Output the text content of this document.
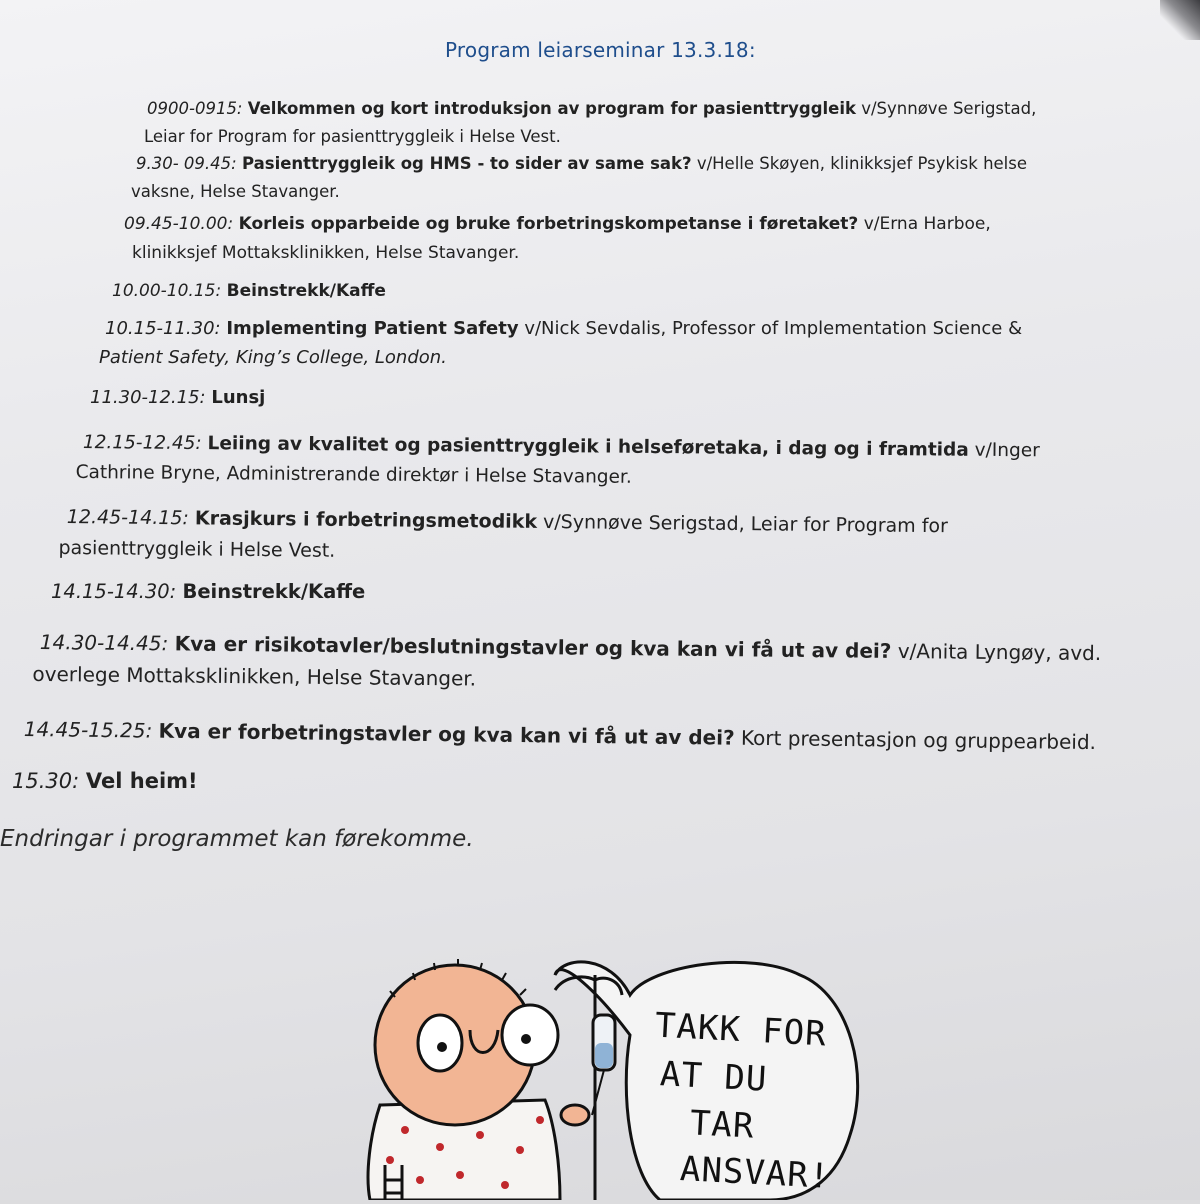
Program leiarseminar 13.3.18:
0900-0915: Velkommen og kort introduksjon av program for pasienttryggleik v/Synnøve Serigstad,
Leiar for Program for pasienttryggleik i Helse Vest.
9.30- 09.45: Pasienttryggleik og HMS - to sider av same sak? v/Helle Skøyen, klinikksjef Psykisk helse
vaksne, Helse Stavanger.
09.45-10.00: Korleis opparbeide og bruke forbetringskompetanse i føretaket? v/Erna Harboe,
klinikksjef Mottaksklinikken, Helse Stavanger.
10.00-10.15: Beinstrekk/Kaffe
10.15-11.30: Implementing Patient Safety v/Nick Sevdalis, Professor of Implementation Science &
Patient Safety, King’s College, London.
11.30-12.15: Lunsj
12.15-12.45: Leiing av kvalitet og pasienttryggleik i helseføretaka, i dag og i framtida v/Inger
Cathrine Bryne, Administrerande direktør i Helse Stavanger.
12.45-14.15: Krasjkurs i forbetringsmetodikk v/Synnøve Serigstad, Leiar for Program for
pasienttryggleik i Helse Vest.
14.15-14.30: Beinstrekk/Kaffe
14.30-14.45: Kva er risikotavler/beslutningstavler og kva kan vi få ut av dei? v/Anita Lyngøy, avd.
overlege Mottaksklinikken, Helse Stavanger.
14.45-15.25: Kva er forbetringstavler og kva kan vi få ut av dei? Kort presentasjon og gruppearbeid.
15.30: Vel heim!
Endringar i programmet kan førekomme.
TAKK FOR
AT DU
TAR
ANSVAR!
